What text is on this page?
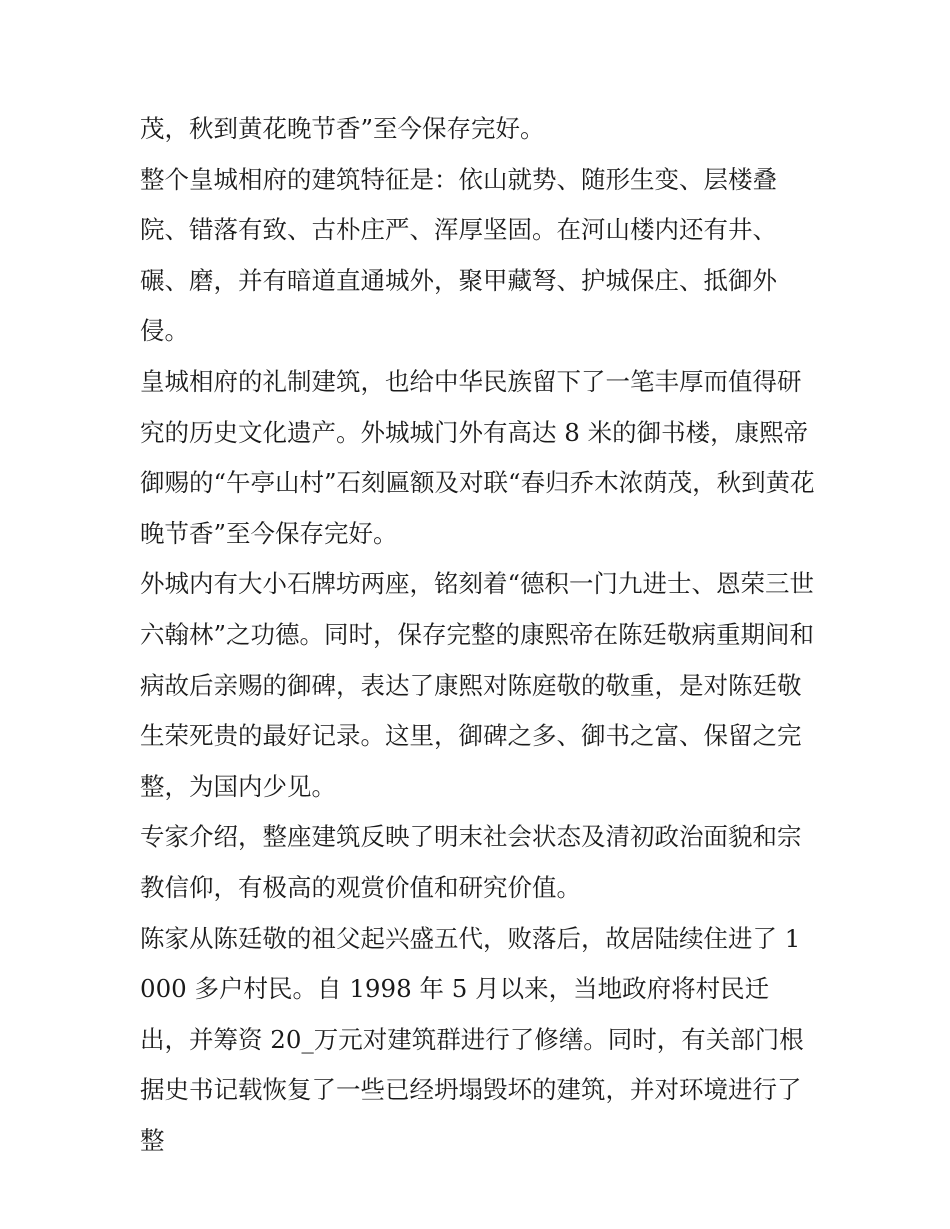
茂，秋到黄花晚节香”至今保存完好。

整个皇城相府的建筑特征是：依山就势、随形生变、层楼叠院、错落有致、古朴庄严、浑厚坚固。在河山楼内还有井、碾、磨，并有暗道直通城外，聚甲藏弩、护城保庄、抵御外侵。

皇城相府的礼制建筑，也给中华民族留下了一笔丰厚而值得研究的历史文化遗产。外城城门外有高达 8 米的御书楼，康熙帝御赐的“午亭山村”石刻匾额及对联“春归乔木浓荫茂，秋到黄花晚节香”至今保存完好。

外城内有大小石牌坊两座，铭刻着“德积一门九进士、恩荣三世六翰林”之功德。同时，保存完整的康熙帝在陈廷敬病重期间和病故后亲赐的御碑，表达了康熙对陈庭敬的敬重，是对陈廷敬生荣死贵的最好记录。这里，御碑之多、御书之富、保留之完整，为国内少见。

专家介绍，整座建筑反映了明末社会状态及清初政治面貌和宗教信仰，有极高的观赏价值和研究价值。

陈家从陈廷敬的祖父起兴盛五代，败落后，故居陆续住进了 1000 多户村民。自 1998 年 5 月以来，当地政府将村民迁出，并筹资 20_万元对建筑群进行了修缮。同时，有关部门根据史书记载恢复了一些已经坍塌毁坏的建筑，并对环境进行了整
